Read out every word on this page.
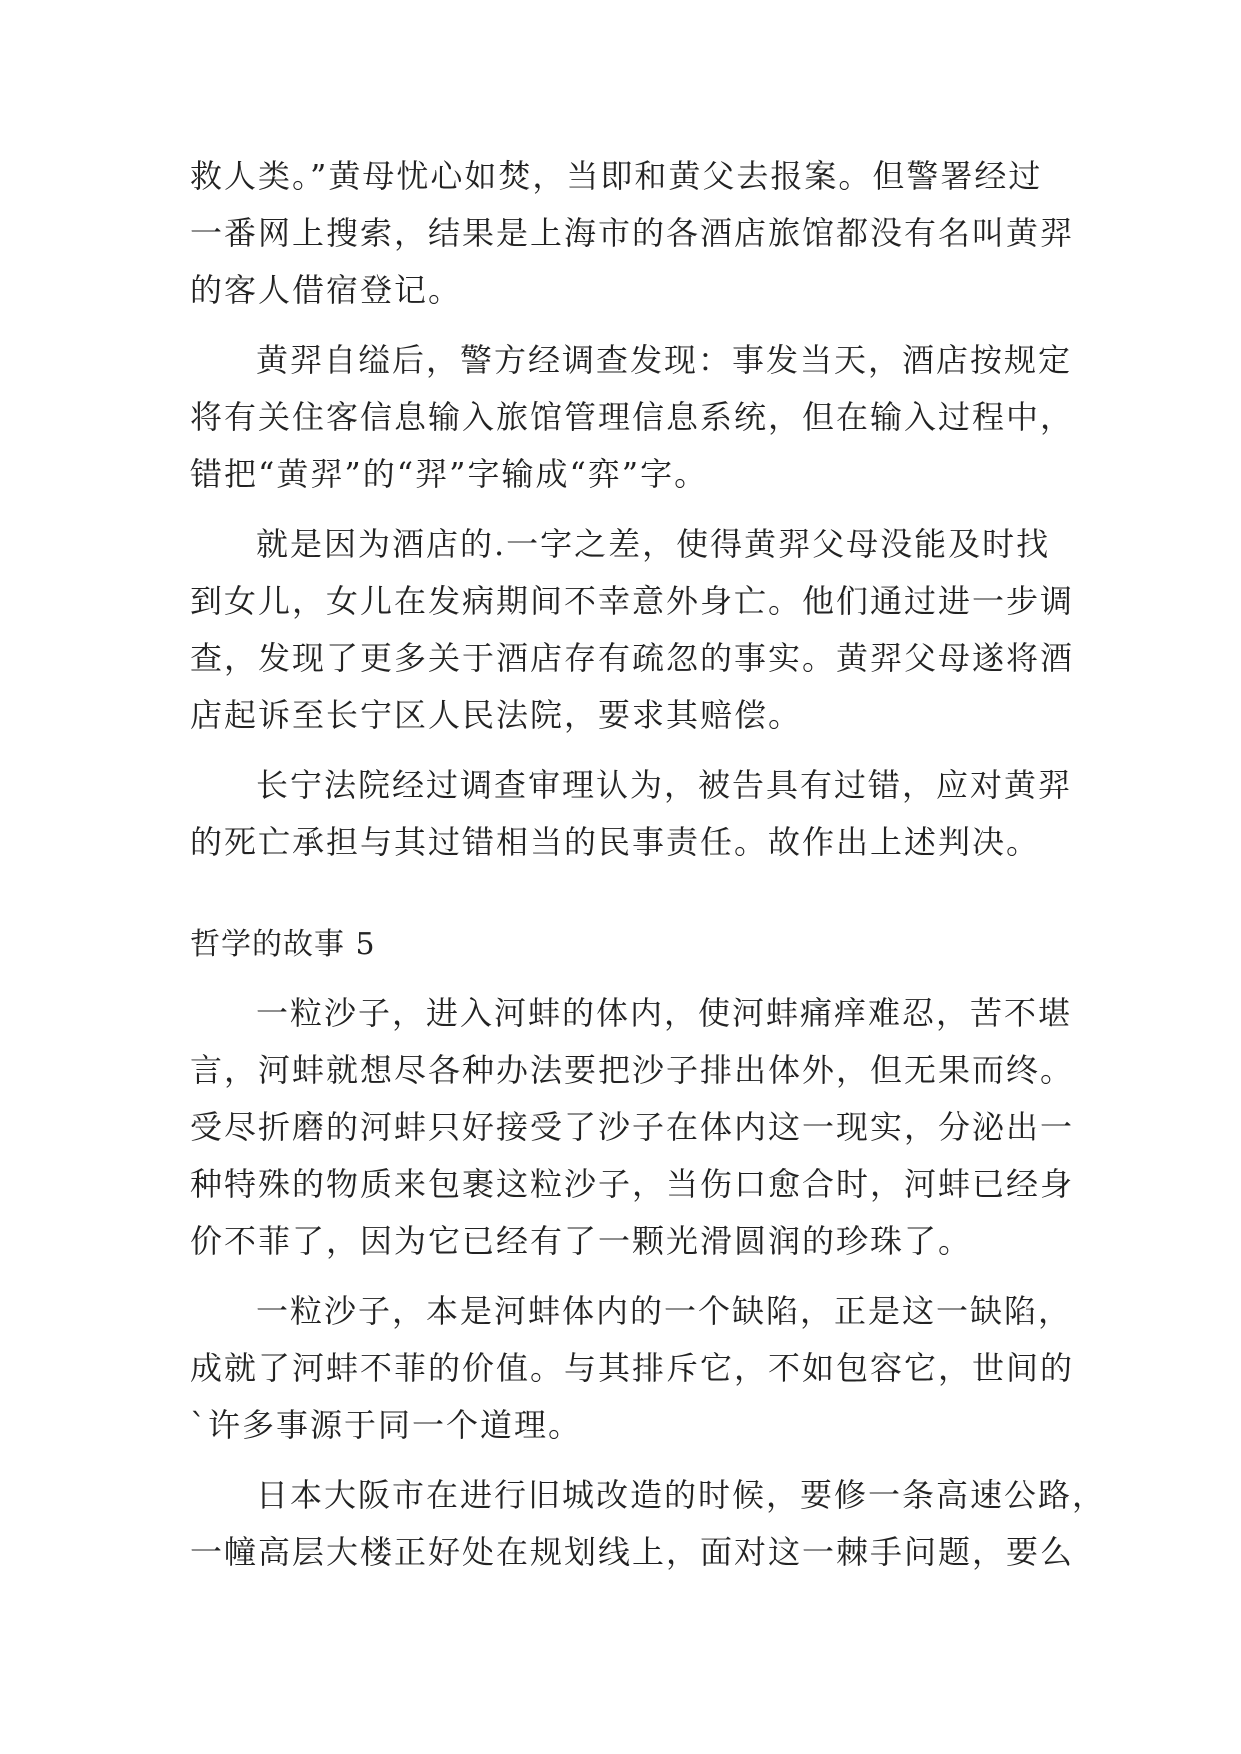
救人类。”黄母忧心如焚，当即和黄父去报案。但警署经过
一番网上搜索，结果是上海市的各酒店旅馆都没有名叫黄羿
的客人借宿登记。
黄羿自缢后，警方经调查发现：事发当天，酒店按规定
将有关住客信息输入旅馆管理信息系统，但在输入过程中，
错把“黄羿”的“羿”字输成“弈”字。
就是因为酒店的.一字之差，使得黄羿父母没能及时找
到女儿，女儿在发病期间不幸意外身亡。他们通过进一步调
查，发现了更多关于酒店存有疏忽的事实。黄羿父母遂将酒
店起诉至长宁区人民法院，要求其赔偿。
长宁法院经过调查审理认为，被告具有过错，应对黄羿
的死亡承担与其过错相当的民事责任。故作出上述判决。
哲学的故事 5
一粒沙子，进入河蚌的体内，使河蚌痛痒难忍，苦不堪
言，河蚌就想尽各种办法要把沙子排出体外，但无果而终。
受尽折磨的河蚌只好接受了沙子在体内这一现实，分泌出一
种特殊的物质来包裹这粒沙子，当伤口愈合时，河蚌已经身
价不菲了，因为它已经有了一颗光滑圆润的珍珠了。
一粒沙子，本是河蚌体内的一个缺陷，正是这一缺陷，
成就了河蚌不菲的价值。与其排斥它，不如包容它，世间的
`许多事源于同一个道理。
日本大阪市在进行旧城改造的时候，要修一条高速公路，
一幢高层大楼正好处在规划线上，面对这一棘手问题，要么
